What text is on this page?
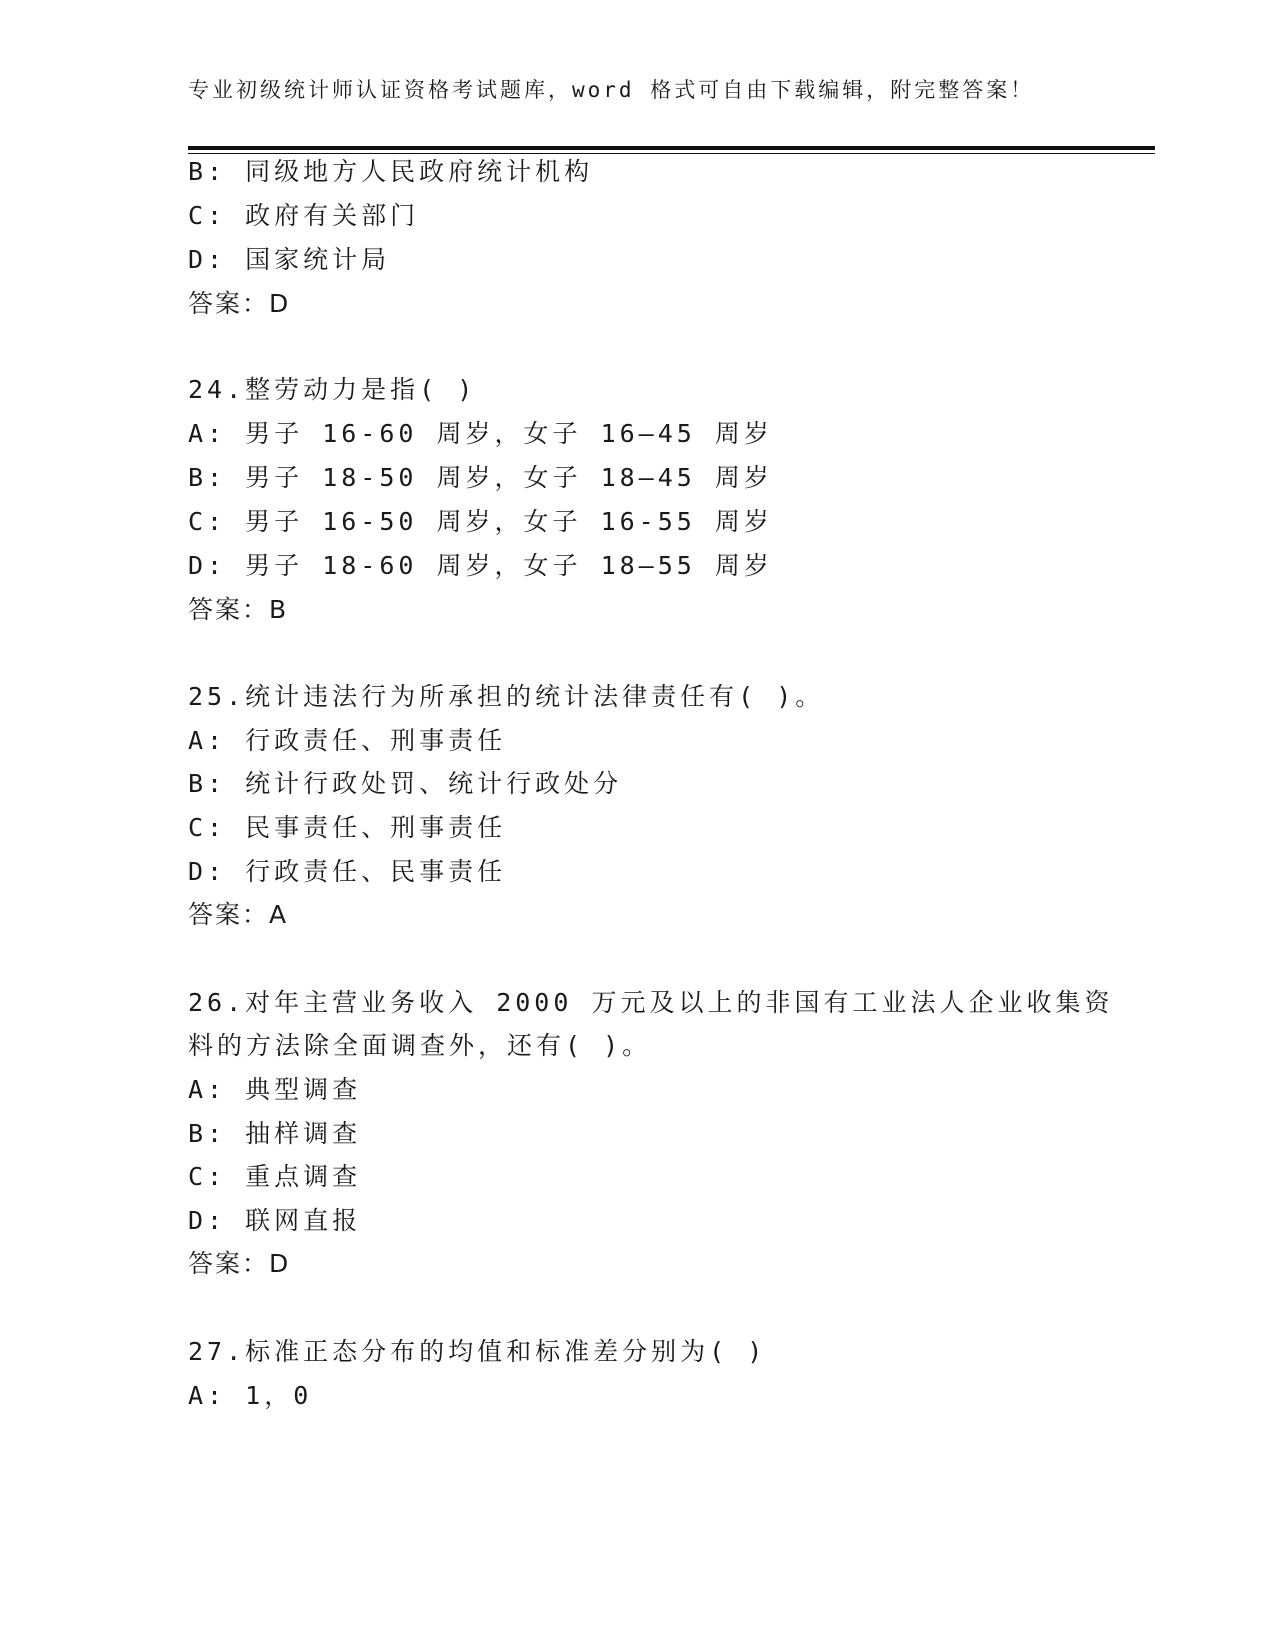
专业初级统计师认证资格考试题库，word 格式可自由下载编辑，附完整答案！
B: 同级地方人民政府统计机构
C: 政府有关部门
D: 国家统计局
答案：D
24.整劳动力是指( )
A: 男子 16-60 周岁，女子 16—45 周岁
B: 男子 18-50 周岁，女子 18—45 周岁
C: 男子 16-50 周岁，女子 16-55 周岁
D: 男子 18-60 周岁，女子 18—55 周岁
答案：B
25.统计违法行为所承担的统计法律责任有( )。
A: 行政责任、刑事责任
B: 统计行政处罚、统计行政处分
C: 民事责任、刑事责任
D: 行政责任、民事责任
答案：A
26.对年主营业务收入 2000 万元及以上的非国有工业法人企业收集资
料的方法除全面调查外，还有( )。
A: 典型调查
B: 抽样调查
C: 重点调查
D: 联网直报
答案：D
27.标准正态分布的均值和标准差分别为( )
A: 1，0
